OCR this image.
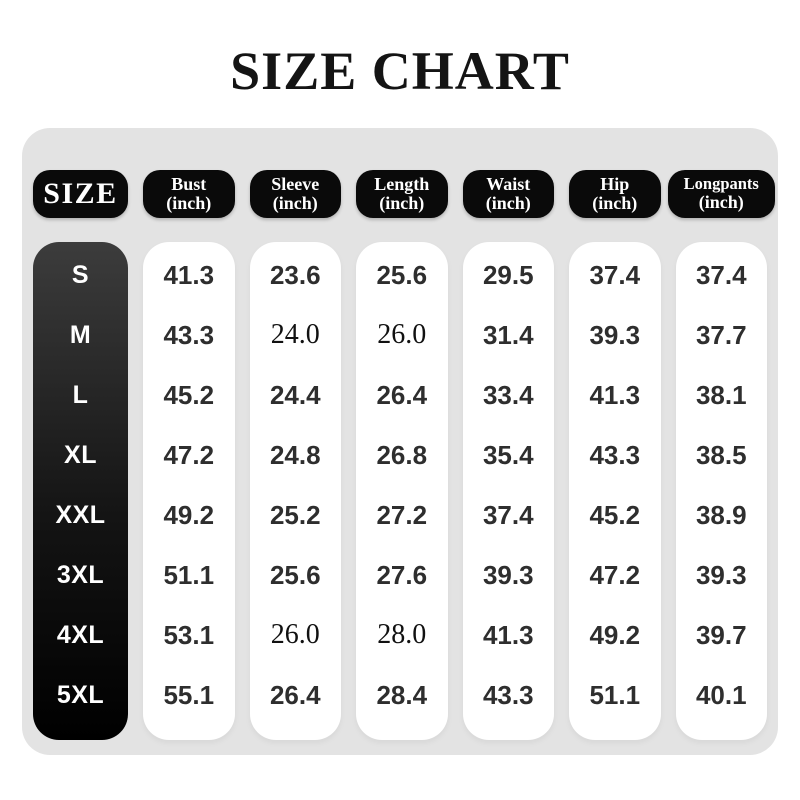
SIZE CHART
SIZE	Bust
(inch)
Sleeve
(inch)
Length
(inch)
Waist
(inch)
Hip
(inch)
Longpants
(inch)
S
M
L
XL
XXL
3XL
4XL
5XL
41.3
43.3
45.2
47.2
49.2
51.1
53.1
55.1
23.6
24.0
24.4
24.8
25.2
25.6
26.0
26.4
25.6
26.0
26.4
26.8
27.2
27.6
28.0
28.4
29.5
31.4
33.4
35.4
37.4
39.3
41.3
43.3
37.4
39.3
41.3
43.3
45.2
47.2
49.2
51.1
37.4
37.7
38.1
38.5
38.9
39.3
39.7
40.1
